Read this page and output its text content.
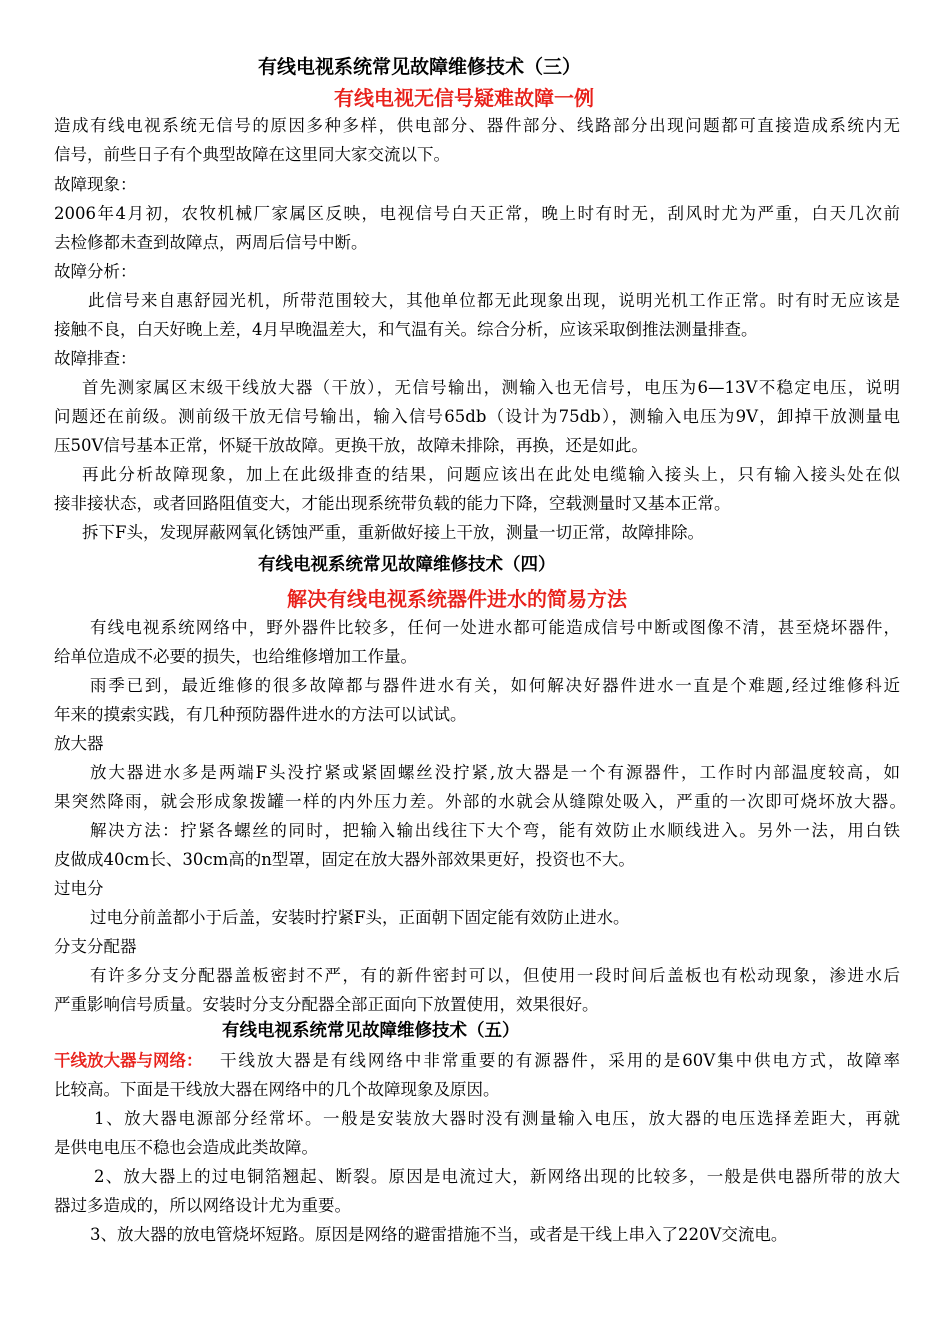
有线电视系统常见故障维修技术（三）
有线电视无信号疑难故障一例
造成有线电视系统无信号的原因多种多样，供电部分、器件部分、线路部分出现问题都可直接造成系统内无
信号，前些日子有个典型故障在这里同大家交流以下。
故障现象：
2006年4月初，农牧机械厂家属区反映，电视信号白天正常，晚上时有时无，刮风时尤为严重，白天几次前
去检修都未查到故障点，两周后信号中断。
故障分析：
此信号来自惠舒园光机，所带范围较大，其他单位都无此现象出现，说明光机工作正常。时有时无应该是
接触不良，白天好晚上差，4月早晚温差大，和气温有关。综合分析，应该采取倒推法测量排查。
故障排查：
首先测家属区末级干线放大器（干放），无信号输出，测输入也无信号，电压为6—13V不稳定电压，说明
问题还在前级。测前级干放无信号输出，输入信号65db（设计为75db），测输入电压为9V，卸掉干放测量电
压50V信号基本正常，怀疑干放故障。更换干放，故障未排除，再换，还是如此。
再此分析故障现象，加上在此级排查的结果，问题应该出在此处电缆输入接头上，只有输入接头处在似
接非接状态，或者回路阻值变大，才能出现系统带负载的能力下降，空载测量时又基本正常。
拆下F头，发现屏蔽网氧化锈蚀严重，重新做好接上干放，测量一切正常，故障排除。
有线电视系统常见故障维修技术（四）
解决有线电视系统器件进水的简易方法
有线电视系统网络中，野外器件比较多，任何一处进水都可能造成信号中断或图像不清，甚至烧坏器件，
给单位造成不必要的损失，也给维修增加工作量。
雨季已到，最近维修的很多故障都与器件进水有关，如何解决好器件进水一直是个难题,经过维修科近
年来的摸索实践，有几种预防器件进水的方法可以试试。
放大器
放大器进水多是两端F头没拧紧或紧固螺丝没拧紧,放大器是一个有源器件，工作时内部温度较高，如
果突然降雨，就会形成象拨罐一样的内外压力差。外部的水就会从缝隙处吸入，严重的一次即可烧坏放大器。
解决方法：拧紧各螺丝的同时，把输入输出线往下大个弯，能有效防止水顺线进入。另外一法，用白铁
皮做成40cm长、30cm高的n型罩，固定在放大器外部效果更好，投资也不大。
过电分
过电分前盖都小于后盖，安装时拧紧F头，正面朝下固定能有效防止进水。
分支分配器
有许多分支分配器盖板密封不严，有的新件密封可以，但使用一段时间后盖板也有松动现象，渗进水后
严重影响信号质量。安装时分支分配器全部正面向下放置使用，效果很好。
有线电视系统常见故障维修技术（五）
干线放大器与网络： 干线放大器是有线网络中非常重要的有源器件，采用的是60V集中供电方式，故障率
比较高。下面是干线放大器在网络中的几个故障现象及原因。
1、放大器电源部分经常坏。一般是安装放大器时没有测量输入电压，放大器的电压选择差距大，再就
是供电电压不稳也会造成此类故障。
2、放大器上的过电铜箔翘起、断裂。原因是电流过大，新网络出现的比较多，一般是供电器所带的放大
器过多造成的，所以网络设计尤为重要。
3、放大器的放电管烧坏短路。原因是网络的避雷措施不当，或者是干线上串入了220V交流电。
